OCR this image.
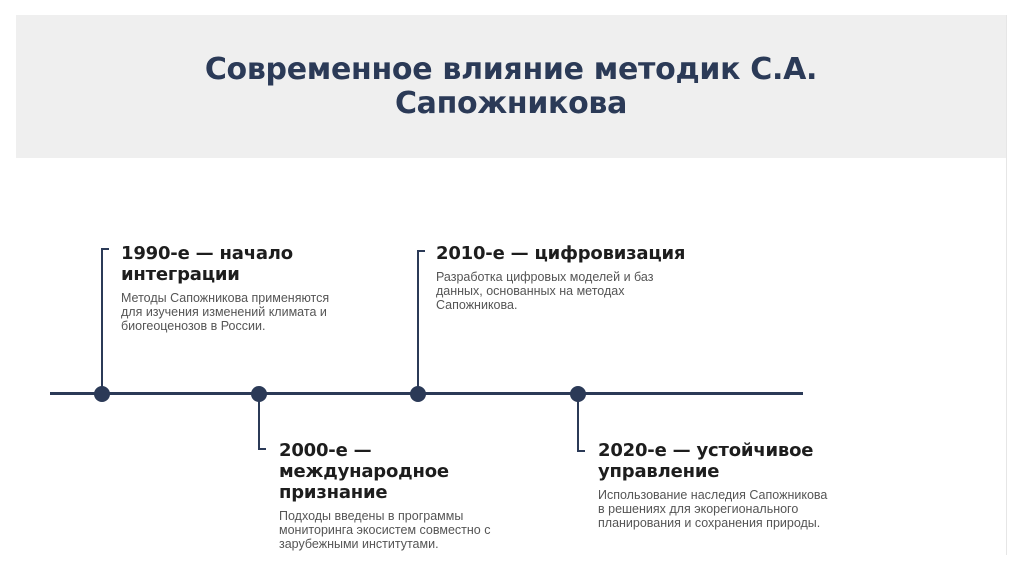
Современное влияние методик С.А.
Сапожникова
1990-е — начало
интеграции
Методы Сапожникова применяются
для изучения изменений климата и
биогеоценозов в России.
2000-е —
международное
признание
Подходы введены в программы
мониторинга экосистем совместно с
зарубежными институтами.
2010-е — цифровизация
Разработка цифровых моделей и баз
данных, основанных на методах
Сапожникова.
2020-е — устойчивое
управление
Использование наследия Сапожникова
в решениях для экорегионального
планирования и сохранения природы.
